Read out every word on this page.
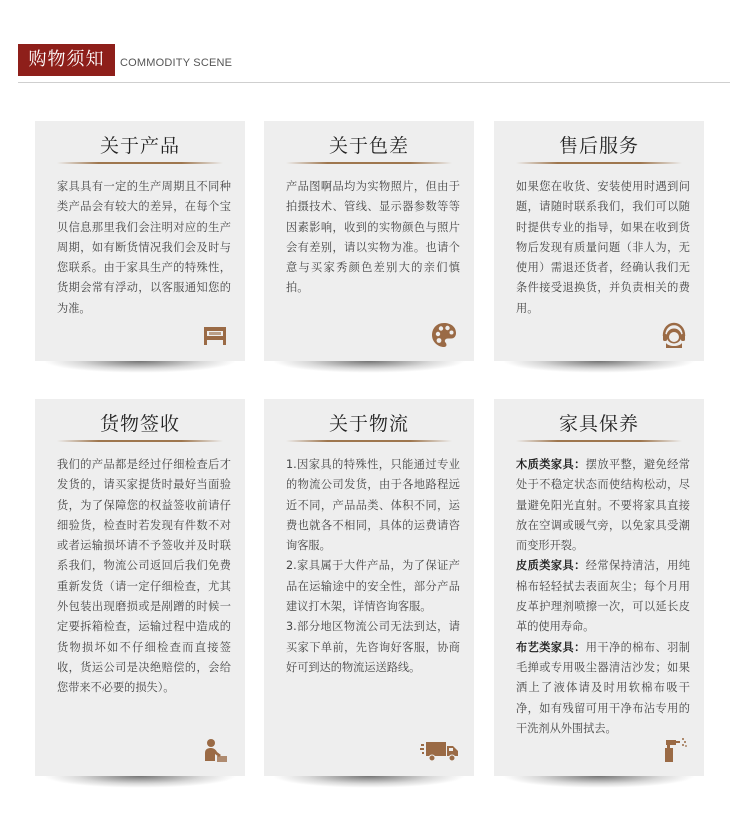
购物须知	COMMODITY SCENE
关于产品

家具具有一定的生产周期且不同种类产品会有较大的差异，在每个宝贝信息那里我们会注明对应的生产周期，如有断货情况我们会及时与您联系。由于家具生产的特殊性，货期会常有浮动，以客服通知您的为准。

关于色差

产品图啊品均为实物照片，但由于拍摄技术、管线、显示器参数等等因素影响，收到的实物颜色与照片会有差别，请以实物为准。也请个意与买家秀颜色差别大的亲们慎拍。

售后服务

如果您在收货、安装使用时遇到问题，请随时联系我们，我们可以随时提供专业的指导，如果在收到货物后发现有质量问题（非人为，无使用）需退还货者，经确认我们无条件接受退换货，并负责相关的费用。

货物签收

我们的产品都是经过仔细检查后才发货的，请买家提货时最好当面验货，为了保障您的权益签收前请仔细验货，检查时若发现有件数不对或者运输损坏请不予签收并及时联系我们，物流公司返回后我们免费重新发货（请一定仔细检查，尤其外包装出现磨损或是剐蹭的时候一定要拆箱检查，运输过程中造成的货物损坏如不仔细检查而直接签收，货运公司是决绝赔偿的，会给您带来不必要的损失）。

关于物流

1.因家具的特殊性，只能通过专业的物流公司发货，由于各地路程远近不同，产品品类、体积不同，运费也就各不相同，具体的运费请咨询客服。

2.家具属于大件产品，为了保证产品在运输途中的安全性，部分产品建议打木架，详情咨询客服。

3.部分地区物流公司无法到达，请买家下单前，先咨询好客服，协商好可到达的物流运送路线。

家具保养

木质类家具：摆放平整，避免经常处于不稳定状态而使结构松动，尽量避免阳光直射。不要将家具直接放在空调或暖气旁，以免家具受潮而变形开裂。

皮质类家具：经常保持清洁，用纯棉布轻轻拭去表面灰尘；每个月用皮革护理剂喷擦一次，可以延长皮革的使用寿命。

布艺类家具：用干净的棉布、羽制毛掸或专用吸尘器清洁沙发；如果洒上了液体请及时用软棉布吸干净，如有残留可用干净布沾专用的干洗剂从外围拭去。
